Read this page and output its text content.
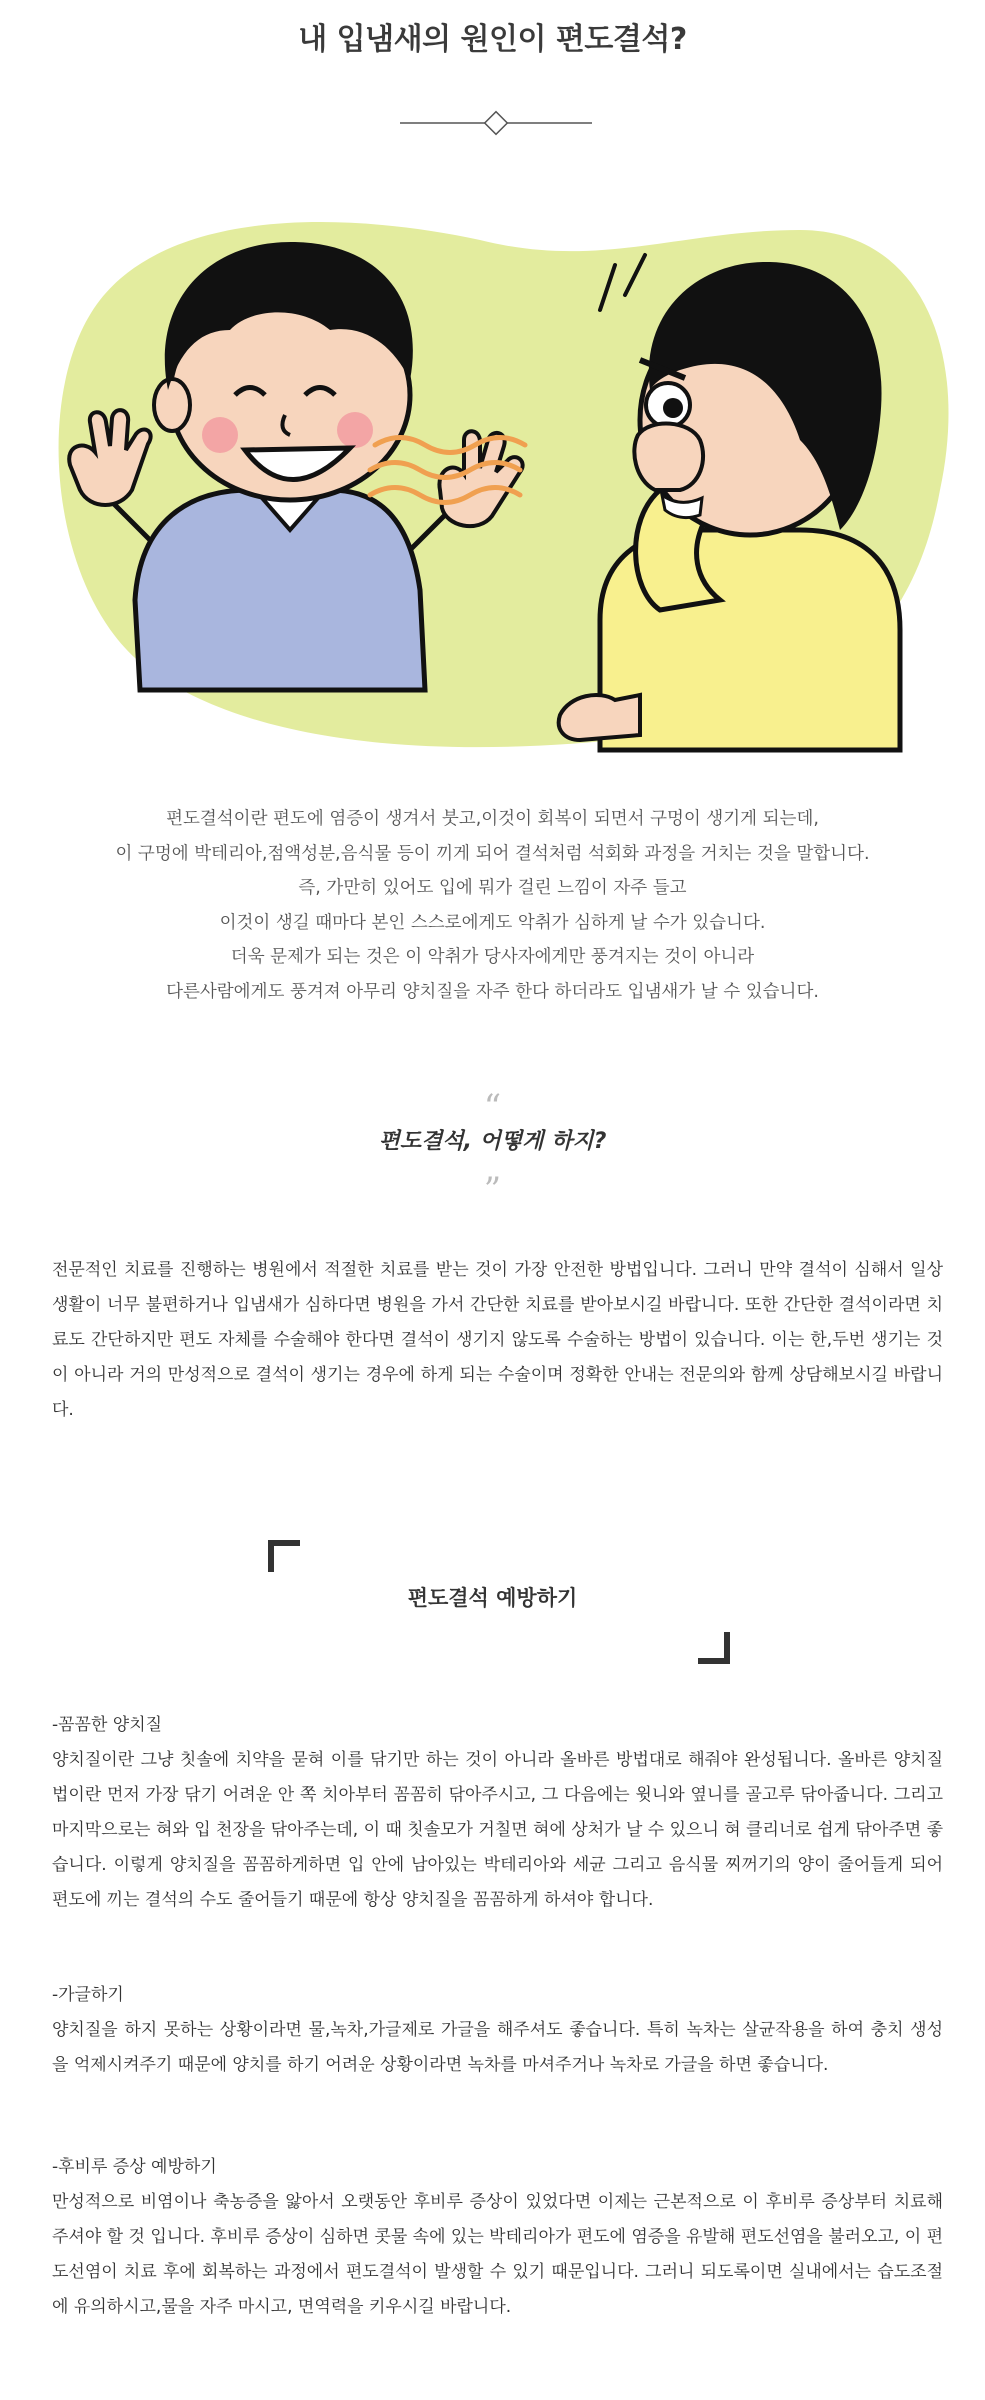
내 입냄새의 원인이 편도결석?
편도결석이란 편도에 염증이 생겨서 붓고,이것이 회복이 되면서 구멍이 생기게 되는데,
이 구멍에 박테리아,점액성분,음식물 등이 끼게 되어 결석처럼 석회화 과정을 거치는 것을 말합니다.
즉, 가만히 있어도 입에 뭐가 걸린 느낌이 자주 들고
이것이 생길 때마다 본인 스스로에게도 악취가 심하게 날 수가 있습니다.
더욱 문제가 되는 것은 이 악취가 당사자에게만 풍겨지는 것이 아니라
다른사람에게도 풍겨져 아무리 양치질을 자주 한다 하더라도 입냄새가 날 수 있습니다.
“
편도결석, 어떻게 하지?
”
전문적인 치료를 진행하는 병원에서 적절한 치료를 받는 것이 가장 안전한 방법입니다. 그러니 만약 결석이 심해서 일상생활이 너무 불편하거나 입냄새가 심하다면 병원을 가서 간단한 치료를 받아보시길 바랍니다. 또한 간단한 결석이라면 치료도 간단하지만 편도 자체를 수술해야 한다면 결석이 생기지 않도록 수술하는 방법이 있습니다. 이는 한,두번 생기는 것이 아니라 거의 만성적으로 결석이 생기는 경우에 하게 되는 수술이며 정확한 안내는 전문의와 함께 상담해보시길 바랍니다.
편도결석 예방하기
-꼼꼼한 양치질
양치질이란 그냥 칫솔에 치약을 묻혀 이를 닦기만 하는 것이 아니라 올바른 방법대로 해줘야 완성됩니다. 올바른 양치질 법이란 먼저 가장 닦기 어려운 안 쪽 치아부터 꼼꼼히 닦아주시고, 그 다음에는 윗니와 옆니를 골고루 닦아줍니다. 그리고 마지막으로는 혀와 입 천장을 닦아주는데, 이 때 칫솔모가 거칠면 혀에 상처가 날 수 있으니 혀 클리너로 쉽게 닦아주면 좋습니다. 이렇게 양치질을 꼼꼼하게하면 입 안에 남아있는 박테리아와 세균 그리고 음식물 찌꺼기의 양이 줄어들게 되어 편도에 끼는 결석의 수도 줄어들기 때문에 항상 양치질을 꼼꼼하게 하셔야 합니다.
-가글하기
양치질을 하지 못하는 상황이라면 물,녹차,가글제로 가글을 해주셔도 좋습니다. 특히 녹차는 살균작용을 하여 충치 생성을 억제시켜주기 때문에 양치를 하기 어려운 상황이라면 녹차를 마셔주거나 녹차로 가글을 하면 좋습니다.
-후비루 증상 예방하기
만성적으로 비염이나 축농증을 앓아서 오랫동안 후비루 증상이 있었다면 이제는 근본적으로 이 후비루 증상부터 치료해주셔야 할 것 입니다. 후비루 증상이 심하면 콧물 속에 있는 박테리아가 편도에 염증을 유발해 편도선염을 불러오고, 이 편도선염이 치료 후에 회복하는 과정에서 편도결석이 발생할 수 있기 때문입니다. 그러니 되도록이면 실내에서는 습도조절에 유의하시고,물을 자주 마시고, 면역력을 키우시길 바랍니다.
